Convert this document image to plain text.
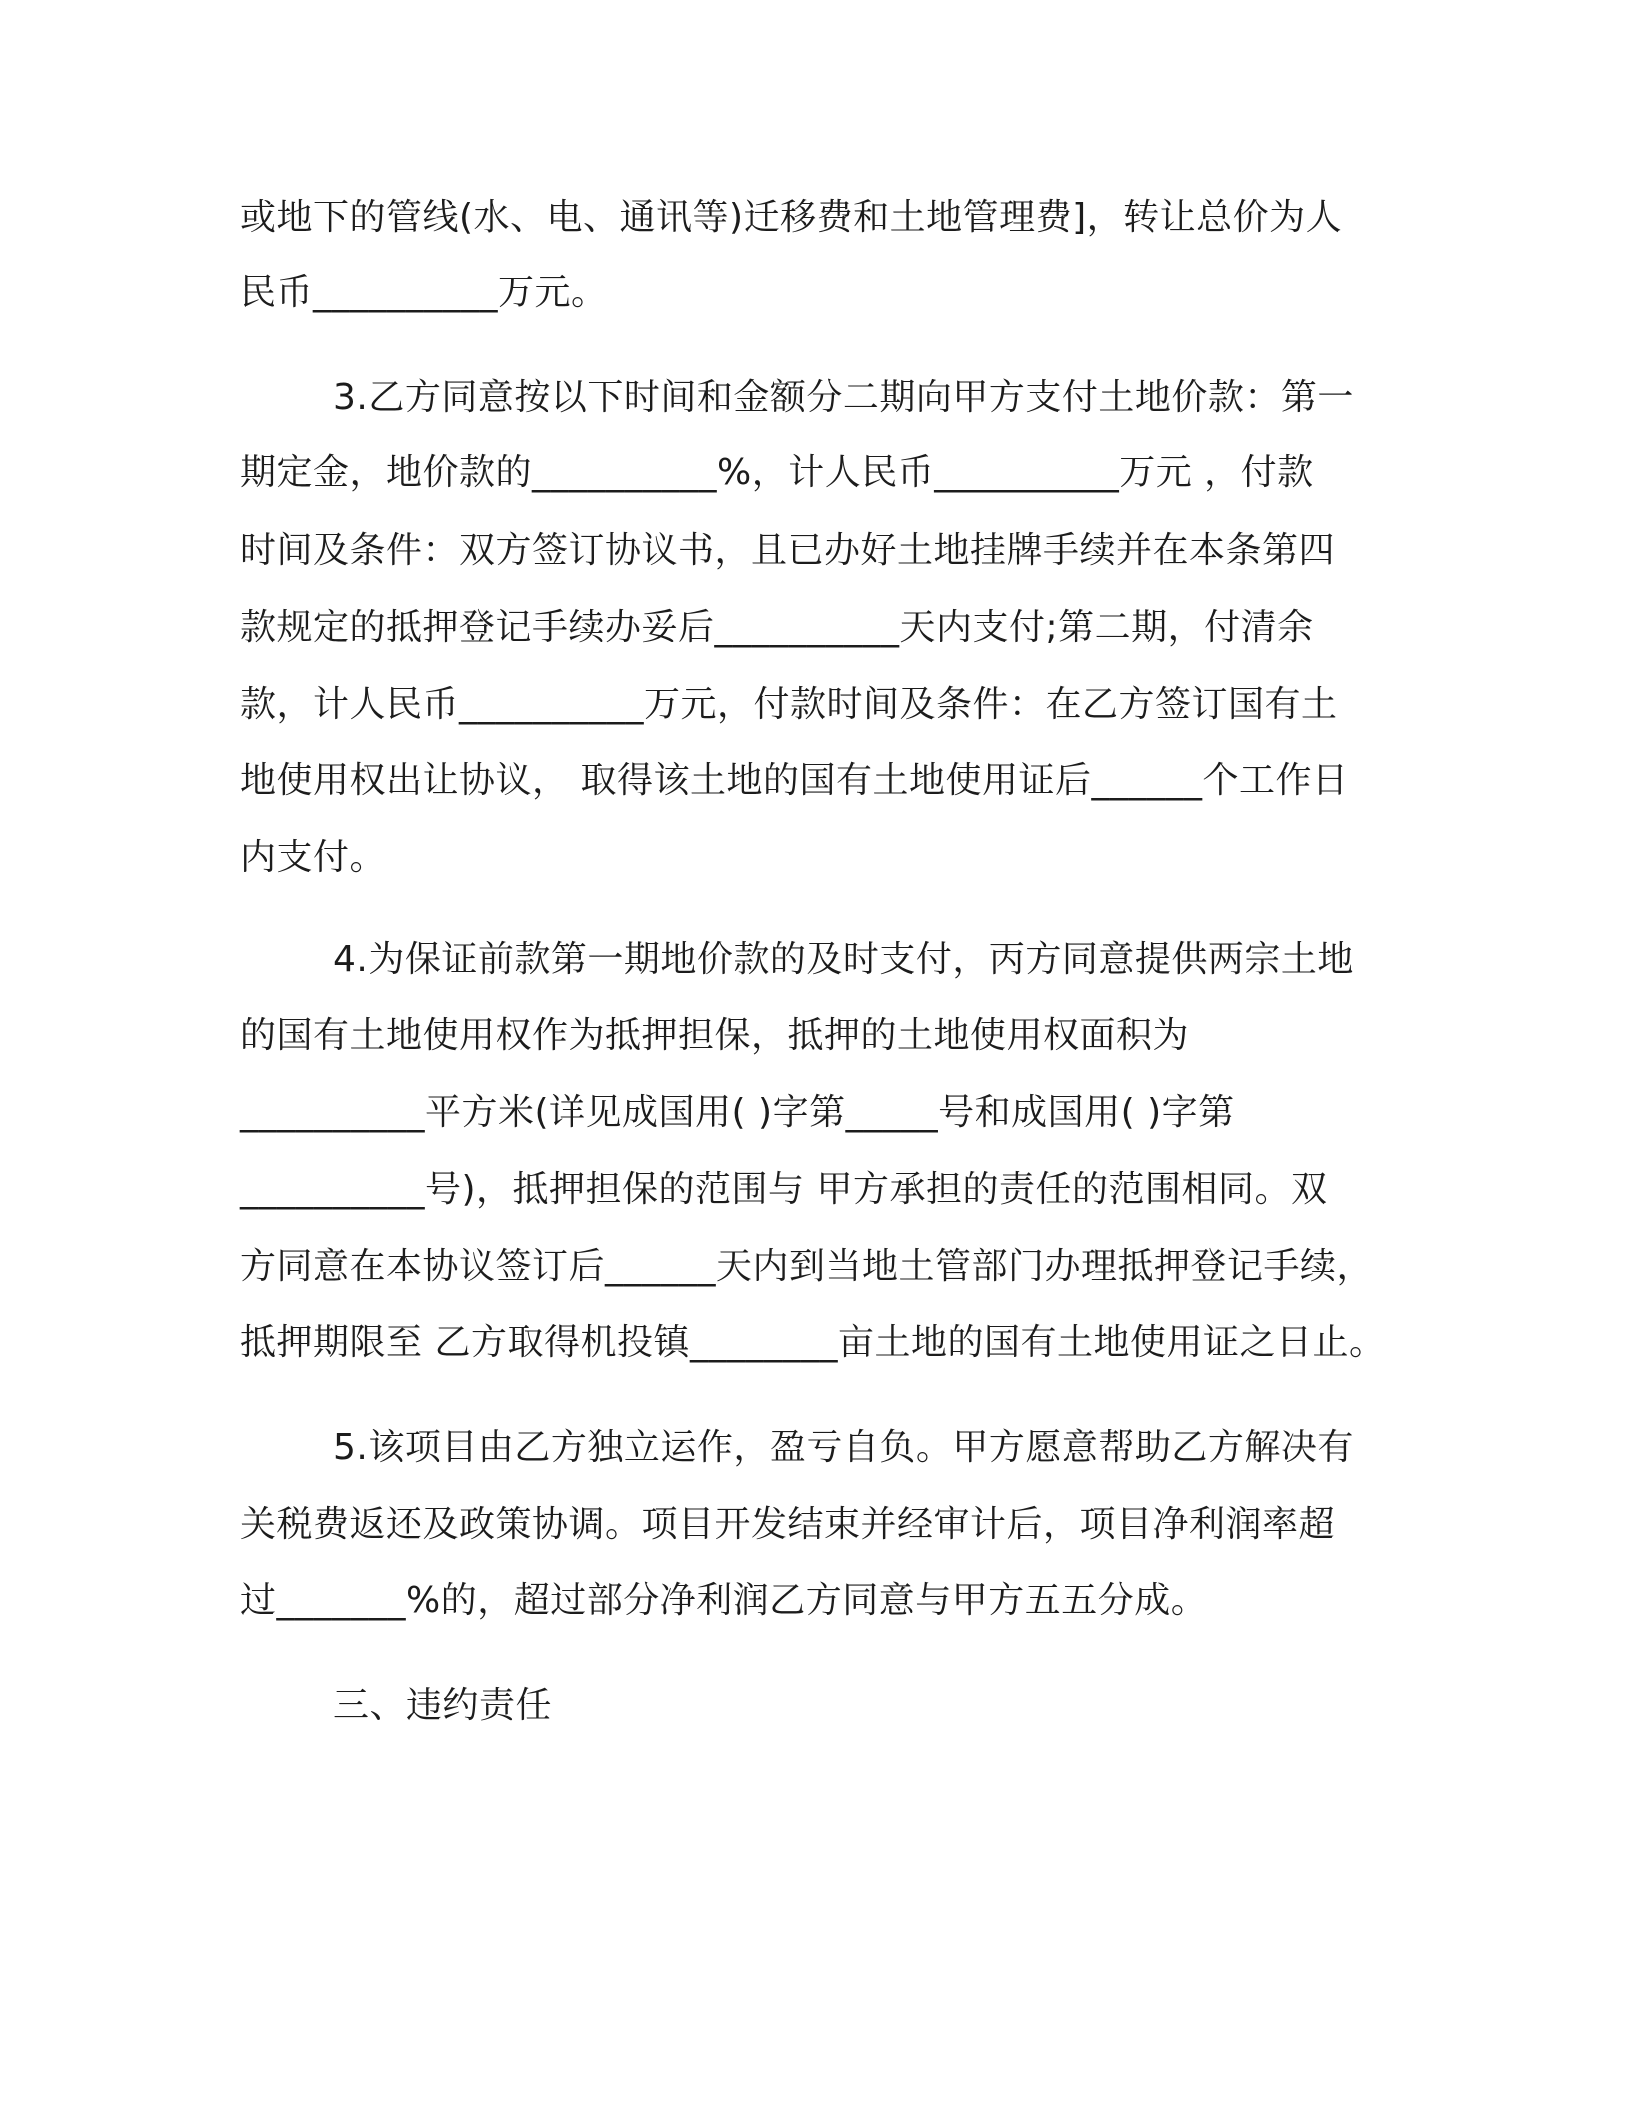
或地下的管线(水、电、通讯等)迁移费和土地管理费]，转让总价为人
民币__________万元。
3.乙方同意按以下时间和金额分二期向甲方支付土地价款：第一
期定金，地价款的__________%，计人民币__________万元 ，付款
时间及条件：双方签订协议书，且已办好土地挂牌手续并在本条第四
款规定的抵押登记手续办妥后__________天内支付;第二期，付清余
款，计人民币__________万元，付款时间及条件：在乙方签订国有土
地使用权出让协议， 取得该土地的国有土地使用证后______个工作日
内支付。
4.为保证前款第一期地价款的及时支付，丙方同意提供两宗土地
的国有土地使用权作为抵押担保，抵押的土地使用权面积为
__________平方米(详见成国用( )字第_____号和成国用( )字第
__________号)，抵押担保的范围与 甲方承担的责任的范围相同。双
方同意在本协议签订后______天内到当地土管部门办理抵押登记手续，
抵押期限至 乙方取得机投镇________亩土地的国有土地使用证之日止。
5.该项目由乙方独立运作，盈亏自负。甲方愿意帮助乙方解决有
关税费返还及政策协调。项目开发结束并经审计后，项目净利润率超
过_______%的，超过部分净利润乙方同意与甲方五五分成。
三、违约责任
